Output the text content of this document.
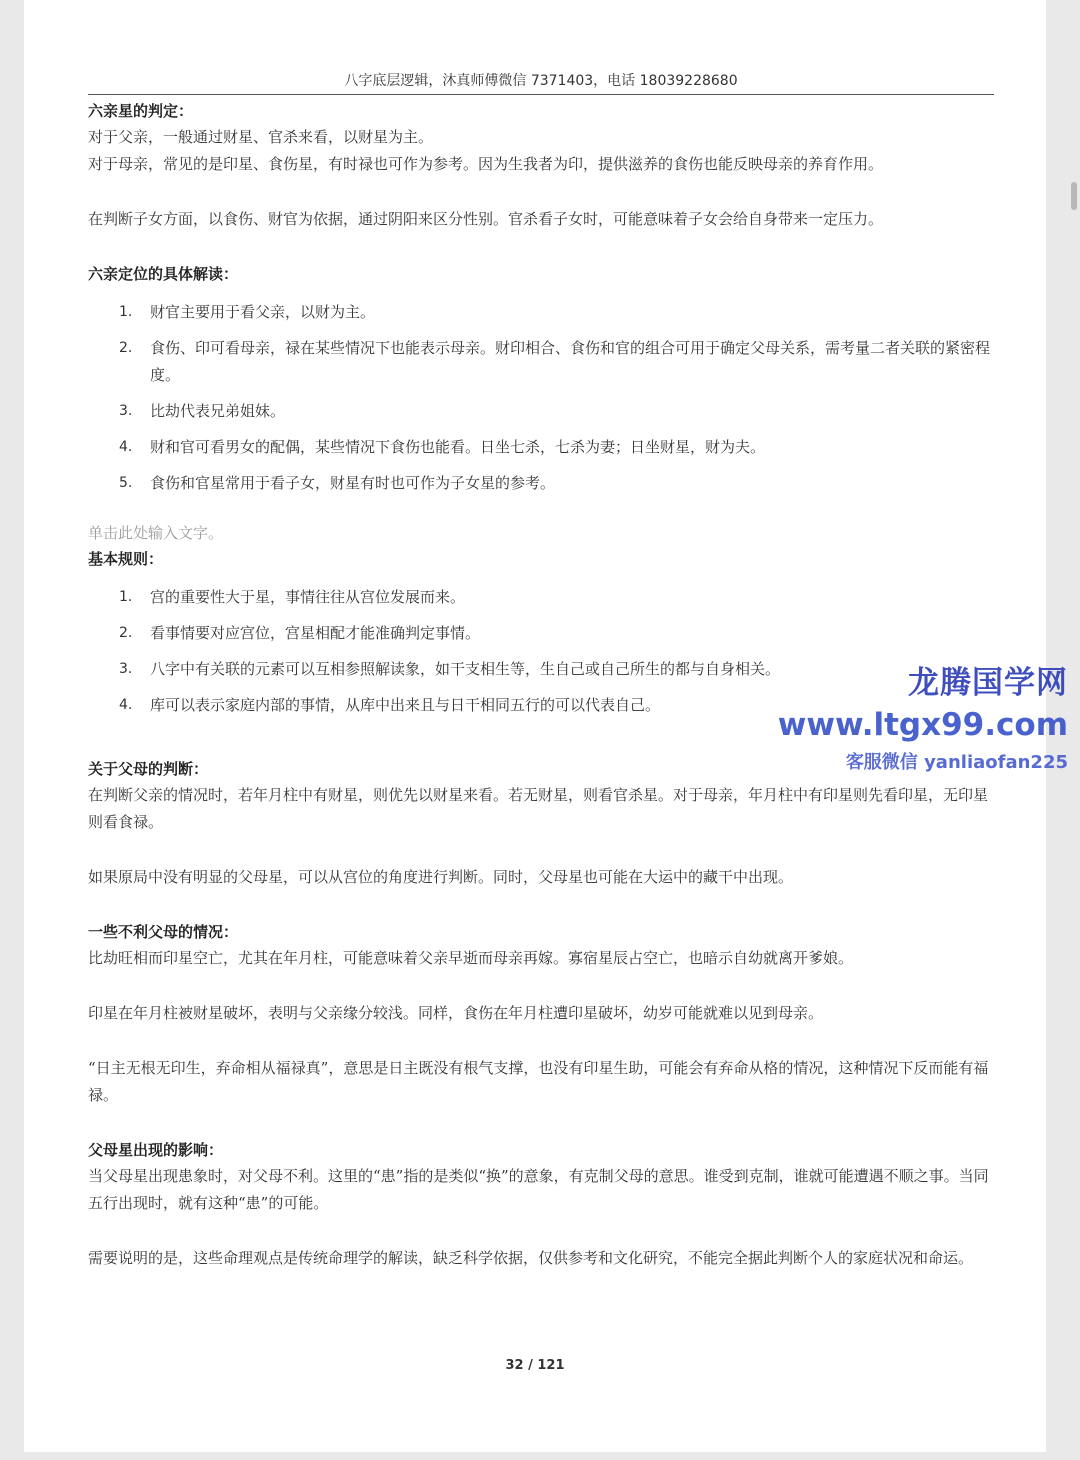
八字底层逻辑，沐真师傅微信 7371403，电话 18039228680
六亲星的判定：
对于父亲，一般通过财星、官杀来看，以财星为主。
对于母亲，常见的是印星、食伤星，有时禄也可作为参考。因为生我者为印，提供滋养的食伤也能反映母亲的养育作用。
在判断子女方面，以食伤、财官为依据，通过阴阳来区分性别。官杀看子女时，可能意味着子女会给自身带来一定压力。
六亲定位的具体解读：
1.	财官主要用于看父亲，以财为主。
2.	食伤、印可看母亲，禄在某些情况下也能表示母亲。财印相合、食伤和官的组合可用于确定父母关系，需考量二者关联的紧密程度。
3.	比劫代表兄弟姐妹。
4.	财和官可看男女的配偶，某些情况下食伤也能看。日坐七杀，七杀为妻；日坐财星，财为夫。
5.	食伤和官星常用于看子女，财星有时也可作为子女星的参考。
单击此处输入文字。
基本规则：
1.	宫的重要性大于星，事情往往从宫位发展而来。
2.	看事情要对应宫位，宫星相配才能准确判定事情。
3.	八字中有关联的元素可以互相参照解读象，如干支相生等，生自己或自己所生的都与自身相关。
4.	库可以表示家庭内部的事情，从库中出来且与日干相同五行的可以代表自己。
关于父母的判断：
在判断父亲的情况时，若年月柱中有财星，则优先以财星来看。若无财星，则看官杀星。对于母亲，年月柱中有印星则先看印星，无印星则看食禄。
如果原局中没有明显的父母星，可以从宫位的角度进行判断。同时，父母星也可能在大运中的藏干中出现。
一些不利父母的情况：
比劫旺相而印星空亡，尤其在年月柱，可能意味着父亲早逝而母亲再嫁。寡宿星辰占空亡，也暗示自幼就离开爹娘。
印星在年月柱被财星破坏，表明与父亲缘分较浅。同样，食伤在年月柱遭印星破坏，幼岁可能就难以见到母亲。
“日主无根无印生，弃命相从福禄真”，意思是日主既没有根气支撑，也没有印星生助，可能会有弃命从格的情况，这种情况下反而能有福禄。
父母星出现的影响：
当父母星出现患象时，对父母不利。这里的“患”指的是类似“换”的意象，有克制父母的意思。谁受到克制，谁就可能遭遇不顺之事。当同五行出现时，就有这种“患”的可能。
需要说明的是，这些命理观点是传统命理学的解读，缺乏科学依据，仅供参考和文化研究，不能完全据此判断个人的家庭状况和命运。
32 / 121
龙腾国学网
www.ltgx99.com
客服微信 yanliaofan225
